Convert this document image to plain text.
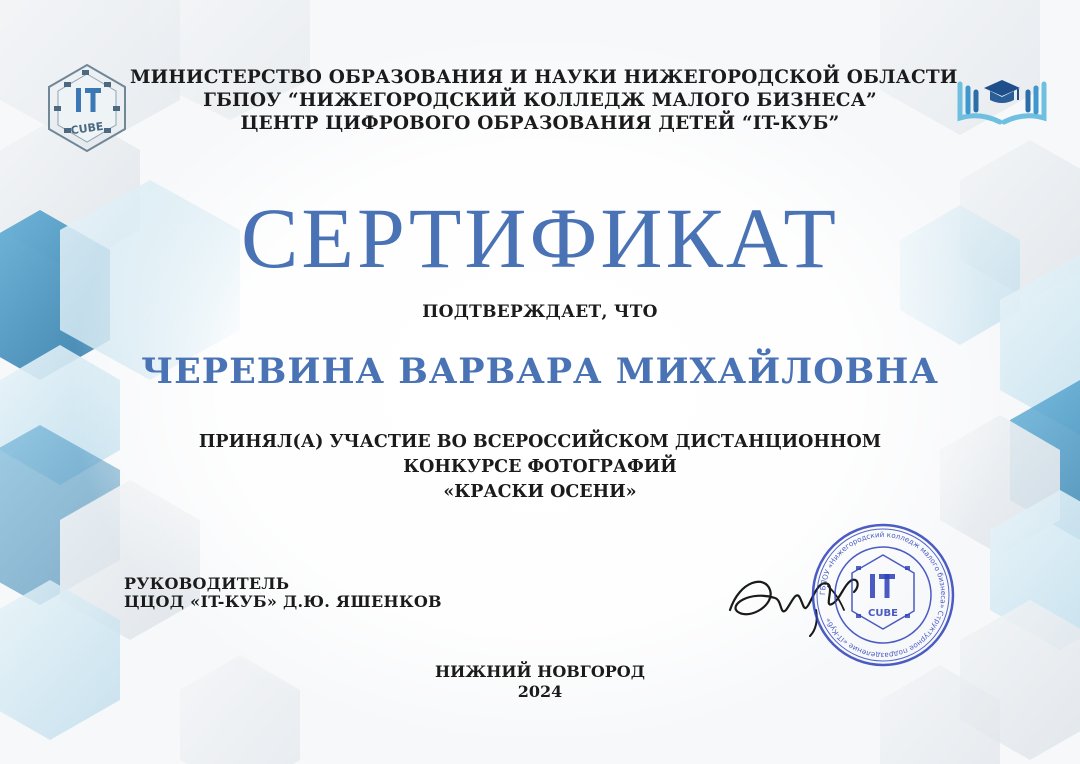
CUBE
МИНИСТЕРСТВО ОБРАЗОВАНИЯ И НАУКИ НИЖЕГОРОДСКОЙ ОБЛАСТИ
ГБПОУ “НИЖЕГОРОДСКИЙ КОЛЛЕДЖ МАЛОГО БИЗНЕСА”
ЦЕНТР ЦИФРОВОГО ОБРАЗОВАНИЯ ДЕТЕЙ “IT-КУБ”
СЕРТИФИКАТ
ПОДТВЕРЖДАЕТ, ЧТО
ЧЕРЕВИНА ВАРВАРА МИХАЙЛОВНА
ПРИНЯЛ(А) УЧАСТИЕ ВО ВСЕРОССИЙСКОМ ДИСТАНЦИОННОМ
КОНКУРСЕ ФОТОГРАФИЙ
«КРАСКИ ОСЕНИ»
РУКОВОДИТЕЛЬ
ЦЦОД «IT-КУБ» Д.Ю. ЯШЕНКОВ	ГБПОУ «Нижегородский колледж малого бизнеса» Структурное подразделение «IT-Куб»
CUBE
НИЖНИЙ НОВГОРОД
2024
